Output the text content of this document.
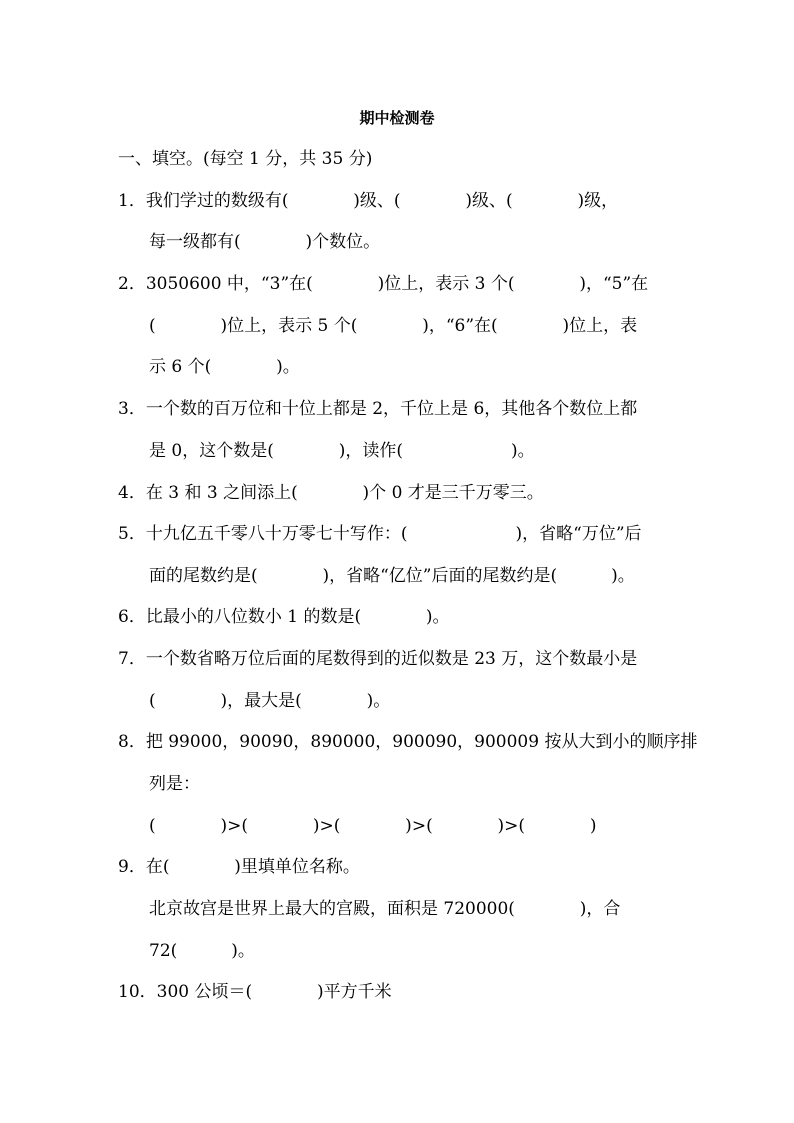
期中检测卷
一、填空。(每空 1 分，共 35 分)
1．我们学过的数级有(            )级、(            )级、(            )级，
每一级都有(            )个数位。
2．3050600 中，“3”在(            )位上，表示 3 个(            )，“5”在
(            )位上，表示 5 个(            )，“6”在(            )位上，表
示 6 个(            )。
3．一个数的百万位和十位上都是 2，千位上是 6，其他各个数位上都
是 0，这个数是(            )，读作(                    )。
4．在 3 和 3 之间添上(            )个 0 才是三千万零三。
5．十九亿五千零八十万零七十写作：(                    )，省略“万位”后
面的尾数约是(            )，省略“亿位”后面的尾数约是(          )。
6．比最小的八位数小 1 的数是(            )。
7．一个数省略万位后面的尾数得到的近似数是 23 万，这个数最小是
(            )，最大是(            )。
8．把 99000，90090，890000，900090，900009 按从大到小的顺序排
列是：
(            )>(            )>(            )>(            )>(            )
9．在(            )里填单位名称。
北京故宫是世界上最大的宫殿，面积是 720000(            )，合
72(          )。
10．300 公顷＝(            )平方千米
